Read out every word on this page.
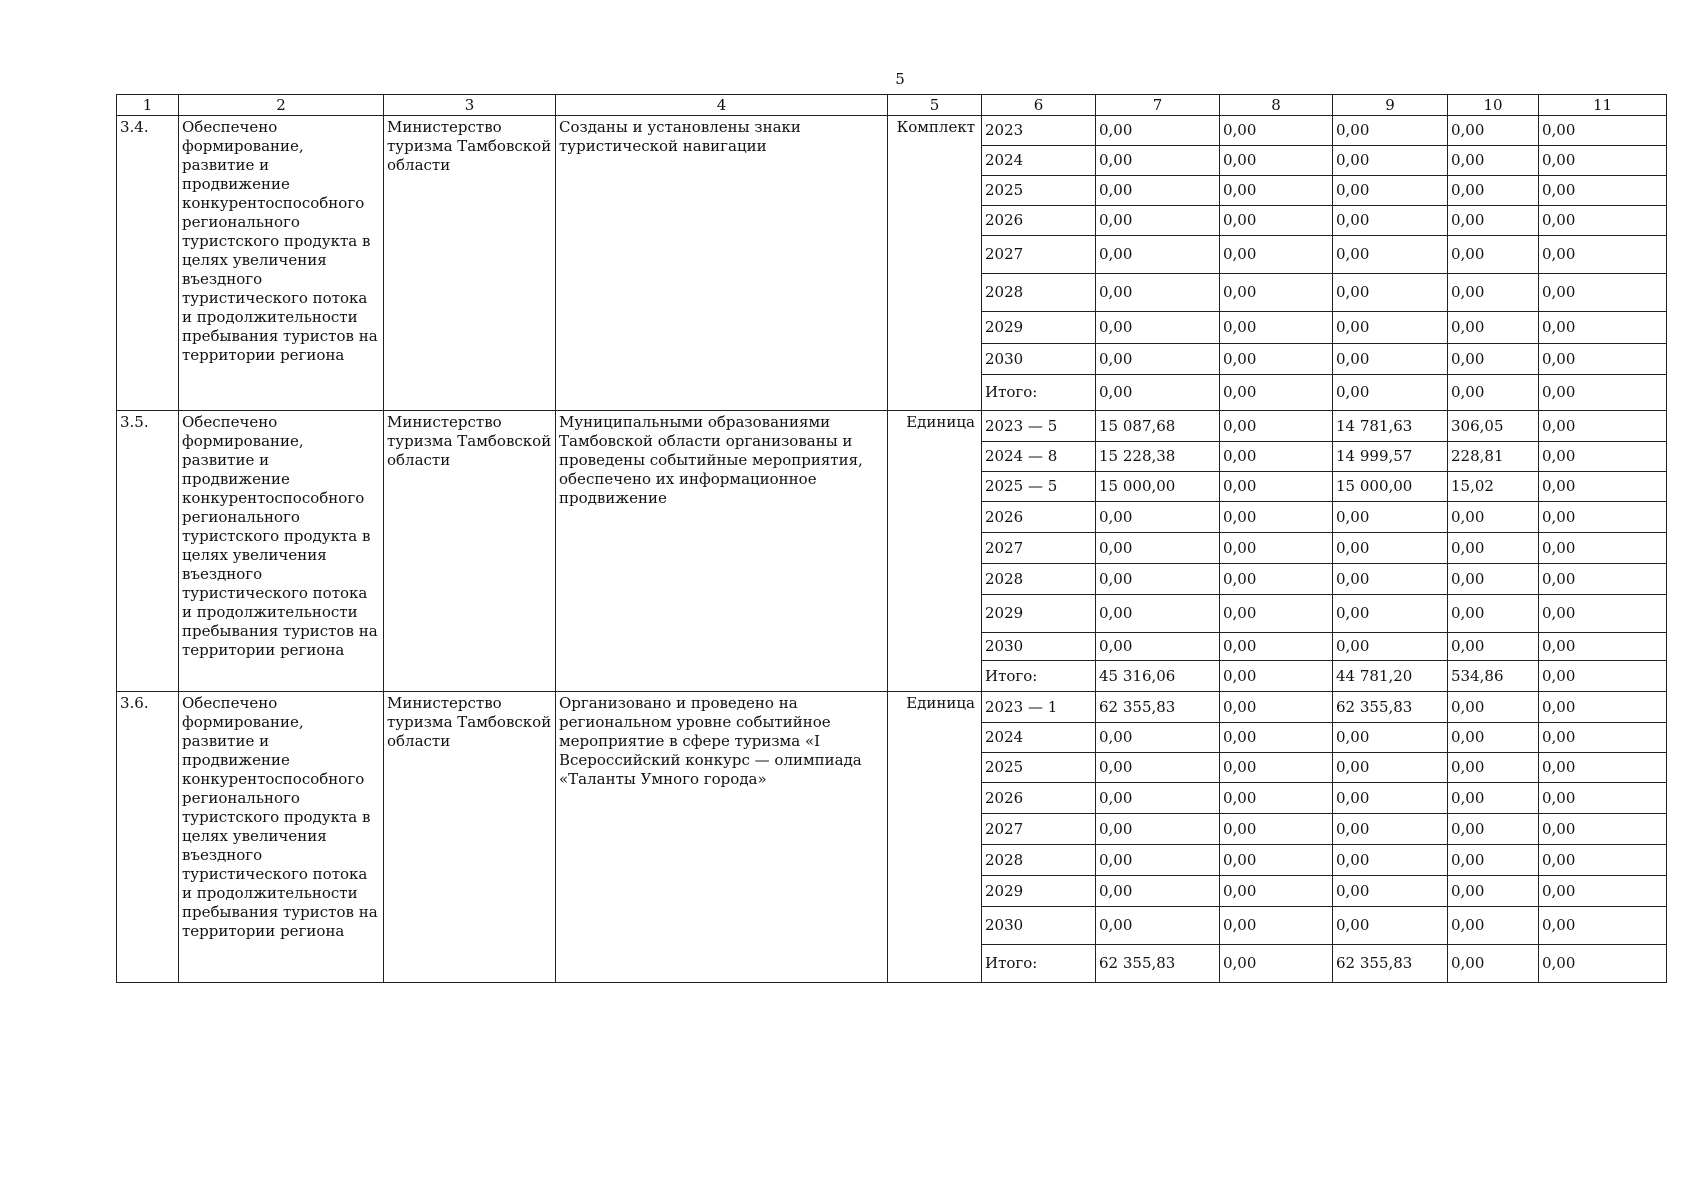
5
1	2	3	4	5	6	7	8	9	10	11
3.4.	Обеспечено формирование, развитие и продвижение конкурентоспособного регионального туристского продукта в целях увеличения въездного туристического потока и продолжительности пребывания туристов на территории региона	Министерство туризма Тамбовской области	Созданы и установлены знаки туристической навигации	Комплект	2023	0,00	0,00	0,00	0,00	0,00
					2024	0,00	0,00	0,00	0,00	0,00
					2025	0,00	0,00	0,00	0,00	0,00
					2026	0,00	0,00	0,00	0,00	0,00
					2027	0,00	0,00	0,00	0,00	0,00
					2028	0,00	0,00	0,00	0,00	0,00
					2029	0,00	0,00	0,00	0,00	0,00
					2030	0,00	0,00	0,00	0,00	0,00
					Итого:	0,00	0,00	0,00	0,00	0,00
3.5.	Обеспечено формирование, развитие и продвижение конкурентоспособного регионального туристского продукта в целях увеличения въездного туристического потока и продолжительности пребывания туристов на территории региона	Министерство туризма Тамбовской области	Муниципальными образованиями Тамбовской области организованы и проведены событийные мероприятия, обеспечено их информационное продвижение	Единица	2023 — 5	15 087,68	0,00	14 781,63	306,05	0,00
					2024 — 8	15 228,38	0,00	14 999,57	228,81	0,00
					2025 — 5	15 000,00	0,00	15 000,00	15,02	0,00
					2026	0,00	0,00	0,00	0,00	0,00
					2027	0,00	0,00	0,00	0,00	0,00
					2028	0,00	0,00	0,00	0,00	0,00
					2029	0,00	0,00	0,00	0,00	0,00
					2030	0,00	0,00	0,00	0,00	0,00
					Итого:	45 316,06	0,00	44 781,20	534,86	0,00
3.6.	Обеспечено формирование, развитие и продвижение конкурентоспособного регионального туристского продукта в целях увеличения въездного туристического потока и продолжительности пребывания туристов на территории региона	Министерство туризма Тамбовской области	Организовано и проведено на региональном уровне событийное мероприятие в сфере туризма «I Всероссийский конкурс — олимпиада «Таланты Умного города»	Единица	2023 — 1	62 355,83	0,00	62 355,83	0,00	0,00
					2024	0,00	0,00	0,00	0,00	0,00
					2025	0,00	0,00	0,00	0,00	0,00
					2026	0,00	0,00	0,00	0,00	0,00
					2027	0,00	0,00	0,00	0,00	0,00
					2028	0,00	0,00	0,00	0,00	0,00
					2029	0,00	0,00	0,00	0,00	0,00
					2030	0,00	0,00	0,00	0,00	0,00
					Итого:	62 355,83	0,00	62 355,83	0,00	0,00
